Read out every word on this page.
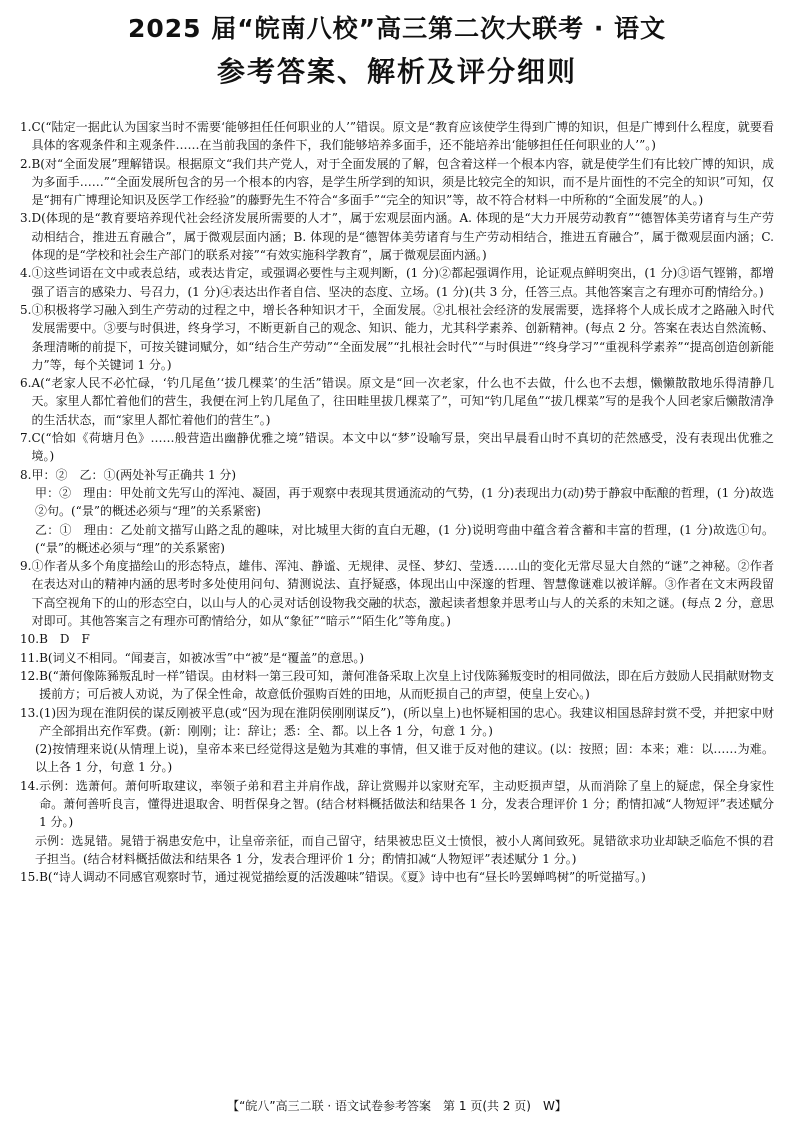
2025 届“皖南八校”高三第二次大联考 · 语文
参考答案、解析及评分细则
1. C(“陆定一据此认为国家当时不需要‘能够担任任何职业的人’”错误。原文是“教育应该使学生得到广博的知识，但是广博到什么程度，就要看具体的客观条件和主观条件……在当前我国的条件下，我们能够培养多面手，还不能培养出‘能够担任任何职业的人’”。)
2. B(对“全面发展”理解错误。根据原文“我们共产党人，对于全面发展的了解，包含着这样一个根本内容，就是使学生们有比较广博的知识，成为多面手……”“全面发展所包含的另一个根本的内容，是学生所学到的知识，须是比较完全的知识，而不是片面性的不完全的知识”可知，仅是“拥有广博理论知识及医学工作经验”的藤野先生不符合“多面手”“完全的知识”等，故不符合材料一中所称的“全面发展”的人。)
3. D(体现的是“教育要培养现代社会经济发展所需要的人才”，属于宏观层面内涵。A. 体现的是“大力开展劳动教育”“德智体美劳诸育与生产劳动相结合，推进五育融合”，属于微观层面内涵；B. 体现的是“德智体美劳诸育与生产劳动相结合，推进五育融合”，属于微观层面内涵；C. 体现的是“学校和社会生产部门的联系对接”“有效实施科学教育”，属于微观层面内涵。)
4. ①这些词语在文中或表总结，或表达肯定，或强调必要性与主观判断，(1 分)②都起强调作用，论证观点鲜明突出，(1 分)③语气铿锵，都增强了语言的感染力、号召力，(1 分)④表达出作者自信、坚决的态度、立场。(1 分)(共 3 分，任答三点。其他答案言之有理亦可酌情给分。)
5. ①积极将学习融入到生产劳动的过程之中，增长各种知识才干，全面发展。②扎根社会经济的发展需要，选择将个人成长成才之路融入时代发展需要中。③要与时俱进，终身学习，不断更新自己的观念、知识、能力，尤其科学素养、创新精神。(每点 2 分。答案在表达自然流畅、条理清晰的前提下，可按关键词赋分，如“结合生产劳动”“全面发展”“扎根社会时代”“与时俱进”“终身学习”“重视科学素养”“提高创造创新能力”等，每个关键词 1 分。)
6. A(“老家人民不必忙碌，‘钓几尾鱼’‘拔几棵菜’的生活”错误。原文是“回一次老家，什么也不去做，什么也不去想，懒懒散散地乐得清静几天。家里人都忙着他们的营生，我便在河上钓几尾鱼了，往田畦里拔几棵菜了”，可知“钓几尾鱼”“拔几棵菜”写的是我个人回老家后懒散清净的生活状态，而“家里人都忙着他们的营生”。)
7. C(“恰如《荷塘月色》……般营造出幽静优雅之境”错误。本文中以“梦”设喻写景，突出早晨看山时不真切的茫然感受，没有表现出优雅之境。)
8. 甲：②　乙：①(两处补写正确共 1 分)
甲：②　理由：甲处前文先写山的浑沌、凝固，再于观察中表现其贯通流动的气势，(1 分)表现出力(动)势于静寂中酝酿的哲理，(1 分)故选②句。(“景”的概述必须与“理”的关系紧密)
乙：①　理由：乙处前文描写山路之乱的趣味，对比城里大街的直白无趣，(1 分)说明弯曲中蕴含着含蓄和丰富的哲理，(1 分)故选①句。(“景”的概述必须与“理”的关系紧密)
9. ①作者从多个角度描绘山的形态特点，雄伟、浑沌、静谧、无规律、灵怪、梦幻、莹透……山的变化无常尽显大自然的“谜”之神秘。②作者在表达对山的精神内涵的思考时多处使用问句、猜测说法、直抒疑惑，体现出山中深邃的哲理、智慧像谜难以被详解。③作者在文末两段留下高空视角下的山的形态空白，以山与人的心灵对话创设物我交融的状态，激起读者想象并思考山与人的关系的未知之谜。(每点 2 分，意思对即可。其他答案言之有理亦可酌情给分，如从“象征”“暗示”“陌生化”等角度。)
10. B　D　F
11. B(词义不相同。“闻妻言，如被冰雪”中“被”是“覆盖”的意思。)
12. B(“萧何像陈豨叛乱时一样”错误。由材料一第三段可知，萧何准备采取上次皇上讨伐陈豨叛变时的相同做法，即在后方鼓励人民捐献财物支援前方；可后被人劝说，为了保全性命，故意低价强购百姓的田地，从而贬损自己的声望，使皇上安心。)
13. (1)因为现在淮阴侯的谋反刚被平息(或“因为现在淮阴侯刚刚谋反”)，(所以皇上)也怀疑相国的忠心。我建议相国恳辞封赏不受，并把家中财产全部捐出充作军费。(新：刚刚；让：辞让；悉：全、都。以上各 1 分，句意 1 分。)
(2)按情理来说(从情理上说)，皇帝本来已经觉得这是勉为其难的事情，但又谁于反对他的建议。(以：按照；固：本来；难：以……为难。以上各 1 分，句意 1 分。)
14. 示例：选萧何。萧何听取建议，率领子弟和君主并肩作战，辞让赏赐并以家财充军，主动贬损声望，从而消除了皇上的疑虑，保全身家性命。萧何善听良言，懂得进退取舍、明哲保身之智。(结合材料概括做法和结果各 1 分，发表合理评价 1 分；酌情扣减“人物短评”表述赋分 1 分。)
示例：选晁错。晁错于祸患安危中，让皇帝亲征，而自己留守，结果被忠臣义士愤恨，被小人离间致死。晁错欲求功业却缺乏临危不惧的君子担当。(结合材料概括做法和结果各 1 分，发表合理评价 1 分；酌情扣减“人物短评”表述赋分 1 分。)
15. B(“诗人调动不同感官观察时节，通过视觉描绘夏的活泼趣味”错误。《夏》诗中也有“昼长吟罢蝉鸣树”的听觉描写。)
【“皖八”高三二联 · 语文试卷参考答案　第 1 页(共 2 页)　W】
